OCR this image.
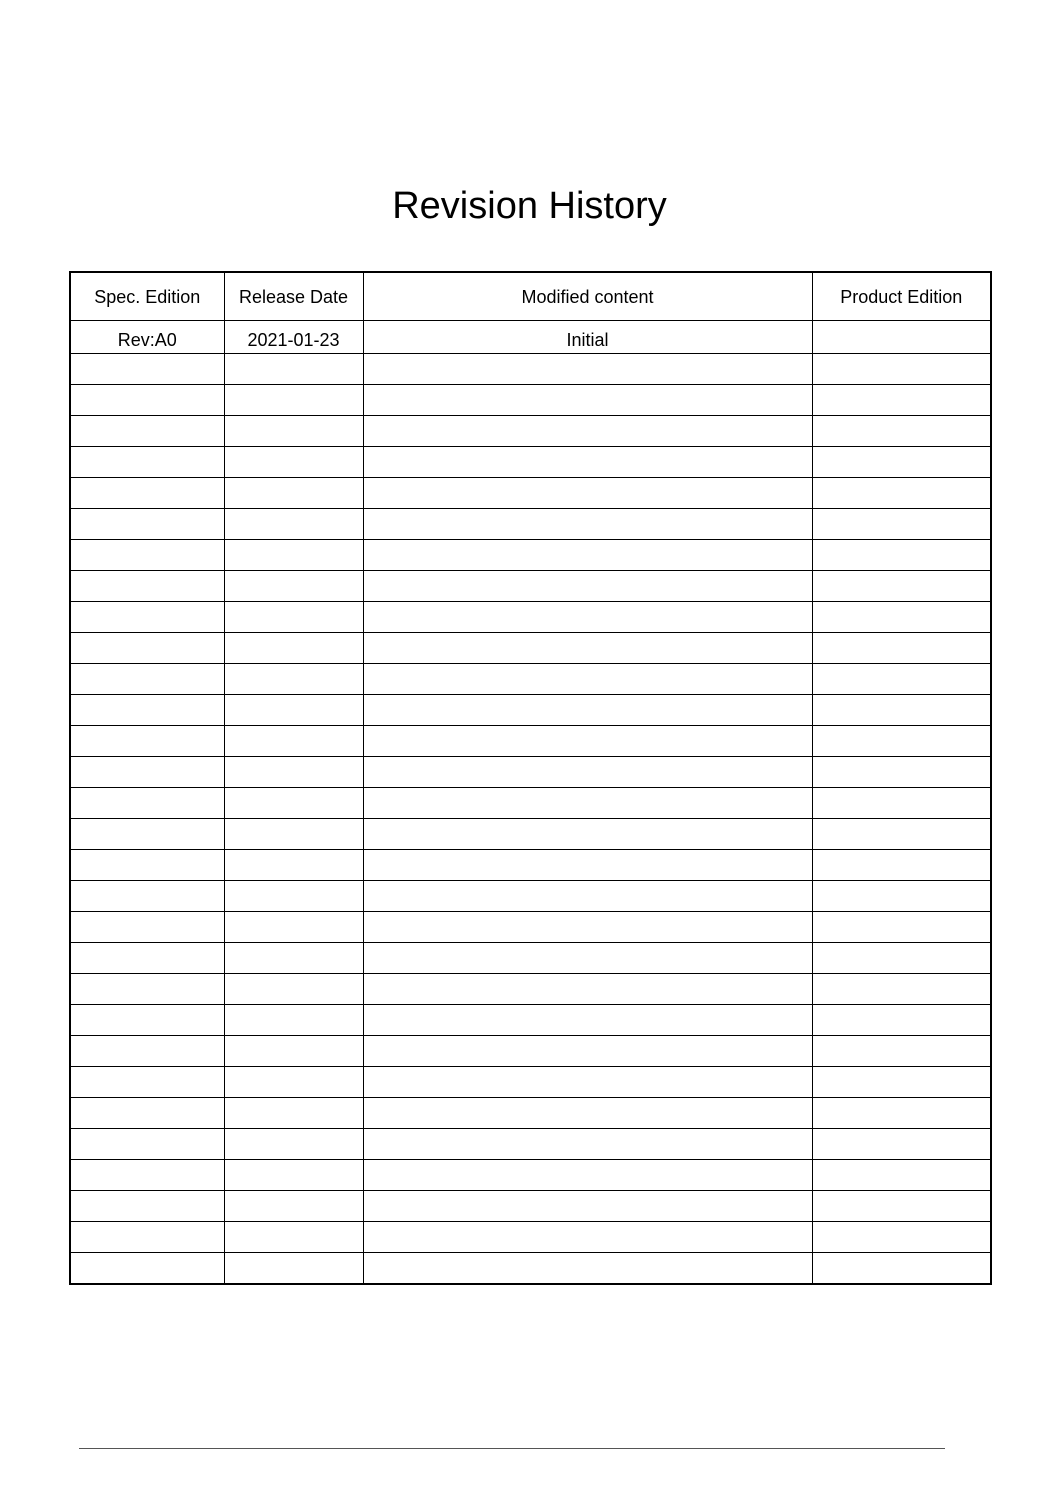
Revision History
Spec. Edition	Release Date	Modified content	Product Edition
Rev:A0	2021-01-23	Initial	
